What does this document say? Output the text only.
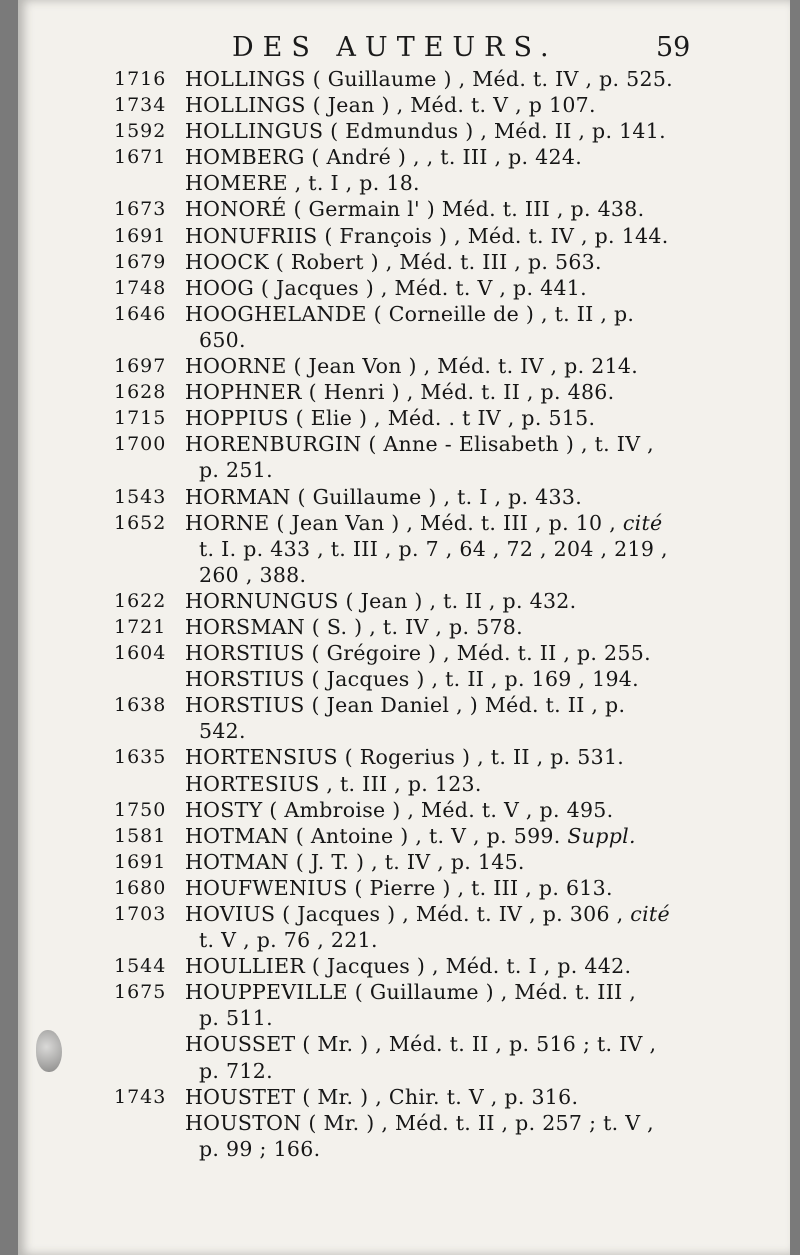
DES AUTEURS.	59
1716 HOLLINGS ( Guillaume ) , Méd. t. IV , p. 525.
1734 HOLLINGS ( Jean ) , Méd. t. V , p 107.
1592 HOLLINGUS ( Edmundus ) , Méd. II , p. 141.
1671 HOMBERG ( André ) , , t. III , p. 424.
HOMERE , t. I , p. 18.
1673 HONORÉ ( Germain l' ) Méd. t. III , p. 438.
1691 HONUFRIIS ( François ) , Méd. t. IV , p. 144.
1679 HOOCK ( Robert ) , Méd. t. III , p. 563.
1748 HOOG ( Jacques ) , Méd. t. V , p. 441.
1646 HOOGHELANDE ( Corneille de ) , t. II , p.
650.
1697 HOORNE ( Jean Von ) , Méd. t. IV , p. 214.
1628 HOPHNER ( Henri ) , Méd. t. II , p. 486.
1715 HOPPIUS ( Elie ) , Méd. . t IV , p. 515.
1700 HORENBURGIN ( Anne - Elisabeth ) , t. IV ,
p. 251.
1543 HORMAN ( Guillaume ) , t. I , p. 433.
1652 HORNE ( Jean Van ) , Méd. t. III , p. 10 , cité
t. I. p. 433 , t. III , p. 7 , 64 , 72 , 204 , 219 ,
260 , 388.
1622 HORNUNGUS ( Jean ) , t. II , p. 432.
1721 HORSMAN ( S. ) , t. IV , p. 578.
1604 HORSTIUS ( Grégoire ) , Méd. t. II , p. 255.
HORSTIUS ( Jacques ) , t. II , p. 169 , 194.
1638 HORSTIUS ( Jean Daniel , ) Méd. t. II , p.
542.
1635 HORTENSIUS ( Rogerius ) , t. II , p. 531.
HORTESIUS , t. III , p. 123.
1750 HOSTY ( Ambroise ) , Méd. t. V , p. 495.
1581 HOTMAN ( Antoine ) , t. V , p. 599. Suppl.
1691 HOTMAN ( J. T. ) , t. IV , p. 145.
1680 HOUFWENIUS ( Pierre ) , t. III , p. 613.
1703 HOVIUS ( Jacques ) , Méd. t. IV , p. 306 , cité
t. V , p. 76 , 221.
1544 HOULLIER ( Jacques ) , Méd. t. I , p. 442.
1675 HOUPPEVILLE ( Guillaume ) , Méd. t. III ,
p. 511.
HOUSSET ( Mr. ) , Méd. t. II , p. 516 ; t. IV ,
p. 712.
1743 HOUSTET ( Mr. ) , Chir. t. V , p. 316.
HOUSTON ( Mr. ) , Méd. t. II , p. 257 ; t. V ,
p. 99 ; 166.
